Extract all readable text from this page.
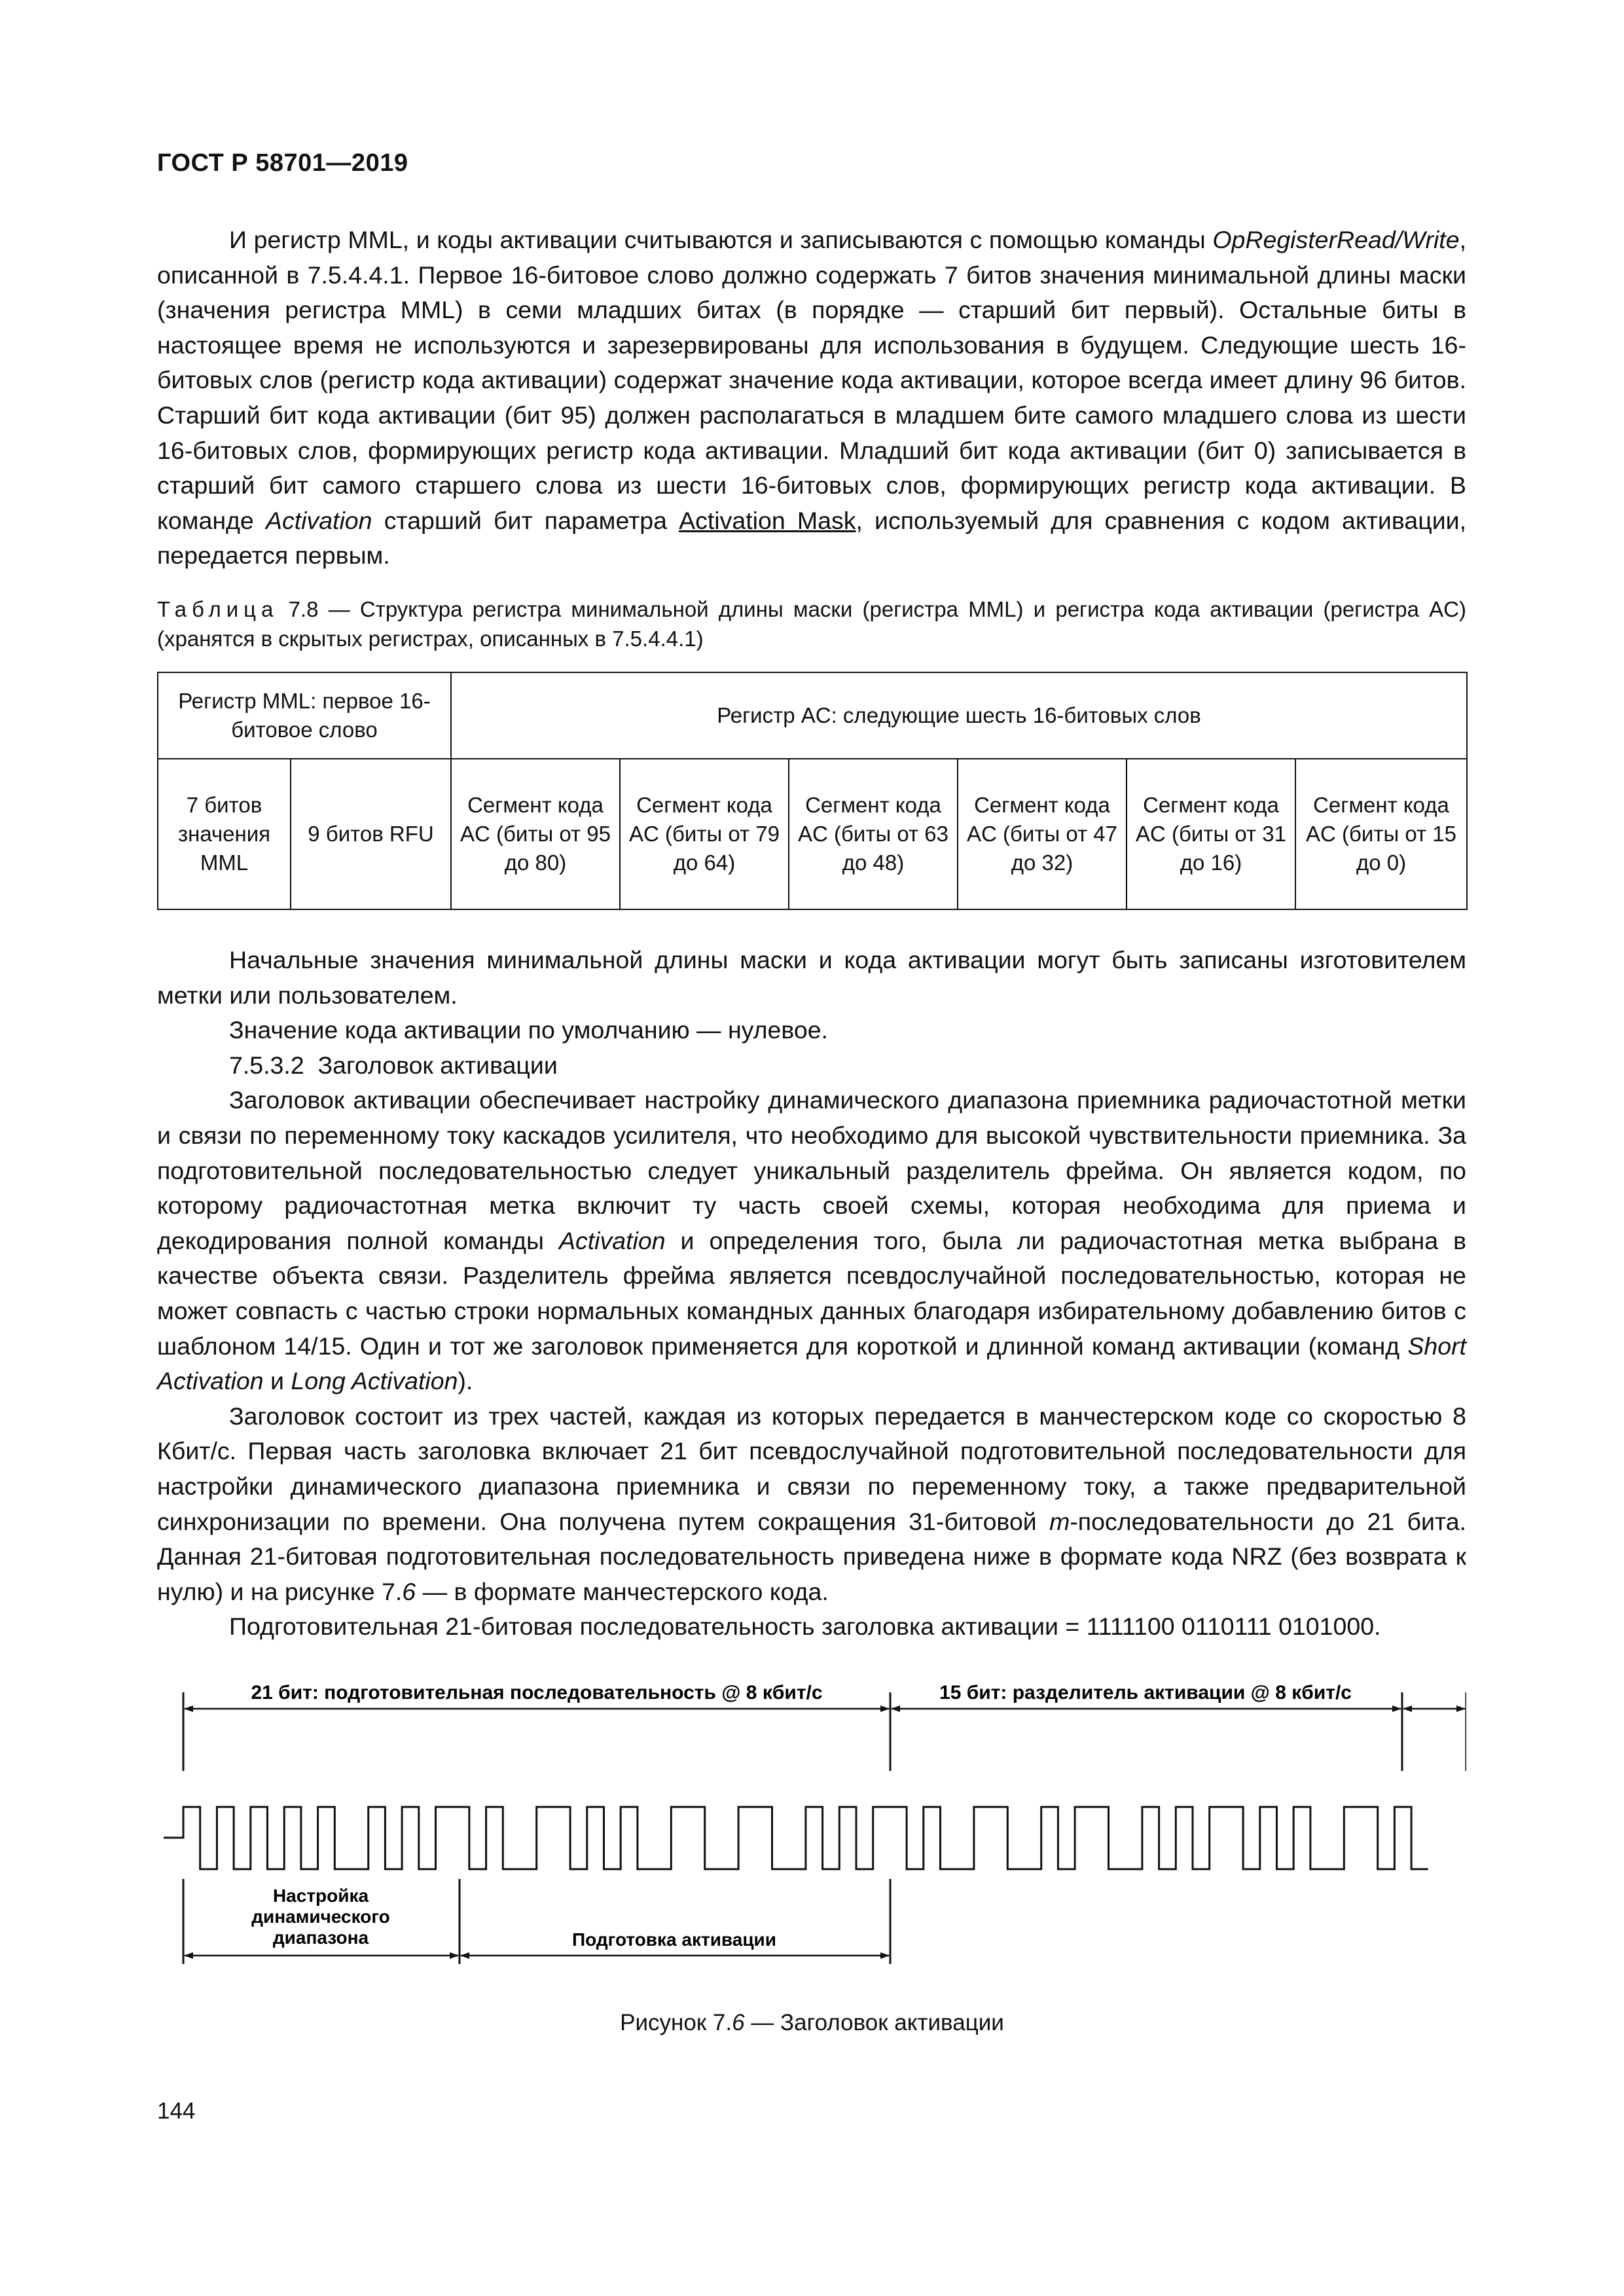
ГОСТ Р 58701—2019

И регистр MML, и коды активации считываются и записываются с помощью команды OpRegisterRead/Write, описанной в 7.5.4.4.1. Первое 16-битовое слово должно содержать 7 битов значения минимальной длины маски (значения регистра MML) в семи младших битах (в порядке — старший бит первый). Остальные биты в настоящее время не используются и зарезервированы для использования в будущем. Следующие шесть 16-битовых слов (регистр кода активации) содержат значение кода активации, которое всегда имеет длину 96 битов. Старший бит кода активации (бит 95) должен располагаться в младшем бите самого младшего слова из шести 16-битовых слов, формирующих регистр кода активации. Младший бит кода активации (бит 0) записывается в старший бит самого старшего слова из шести 16-битовых слов, формирующих регистр кода активации. В команде Activation старший бит параметра Activation Mask, используемый для сравнения с кодом активации, передается первым.

Таблица 7.8 — Структура регистра минимальной длины маски (регистра MML) и регистра кода активации (регистра AC) (хранятся в скрытых регистрах, описанных в 7.5.4.4.1)
Регистр MML: первое 16-битовое слово		Регистр AC: следующие шесть 16-битовых слов					
7 битов значения MML	9 битов RFU	Сегмент кода AC (биты от 95 до 80)	Сегмент кода AC (биты от 79 до 64)	Сегмент кода AC (биты от 63 до 48)	Сегмент кода AC (биты от 47 до 32)	Сегмент кода AC (биты от 31 до 16)	Сегмент кода AC (биты от 15 до 0)

Начальные значения минимальной длины маски и кода активации могут быть записаны изготовителем метки или пользователем.

Значение кода активации по умолчанию — нулевое.

7.5.3.2 Заголовок активации

Заголовок активации обеспечивает настройку динамического диапазона приемника радиочастотной метки и связи по переменному току каскадов усилителя, что необходимо для высокой чувствительности приемника. За подготовительной последовательностью следует уникальный разделитель фрейма. Он является кодом, по которому радиочастотная метка включит ту часть своей схемы, которая необходима для приема и декодирования полной команды Activation и определения того, была ли радиочастотная метка выбрана в качестве объекта связи. Разделитель фрейма является псевдослучайной последовательностью, которая не может совпасть с частью строки нормальных командных данных благодаря избирательному добавлению битов с шаблоном 14/15. Один и тот же заголовок применяется для короткой и длинной команд активации (команд Short Activation и Long Activation).

Заголовок состоит из трех частей, каждая из которых передается в манчестерском коде со скоростью 8 Кбит/с. Первая часть заголовка включает 21 бит псевдослучайной подготовительной последовательности для настройки динамического диапазона приемника и связи по переменному току, а также предварительной синхронизации по времени. Она получена путем сокращения 31-битовой m-последовательности до 21 бита. Данная 21-битовая подготовительная последовательность приведена ниже в формате кода NRZ (без возврата к нулю) и на рисунке 7.6 — в формате манчестерского кода.

Подготовительная 21-битовая последовательность заголовка активации = 1111100 0110111 0101000.

21 бит: подготовительная последовательность @ 8 кбит/с	15 бит: разделитель активации @ 8 кбит/с
Настройка
динамического
диапазона	Подготовка активации
Рисунок 7.6 — Заголовок активации
144
